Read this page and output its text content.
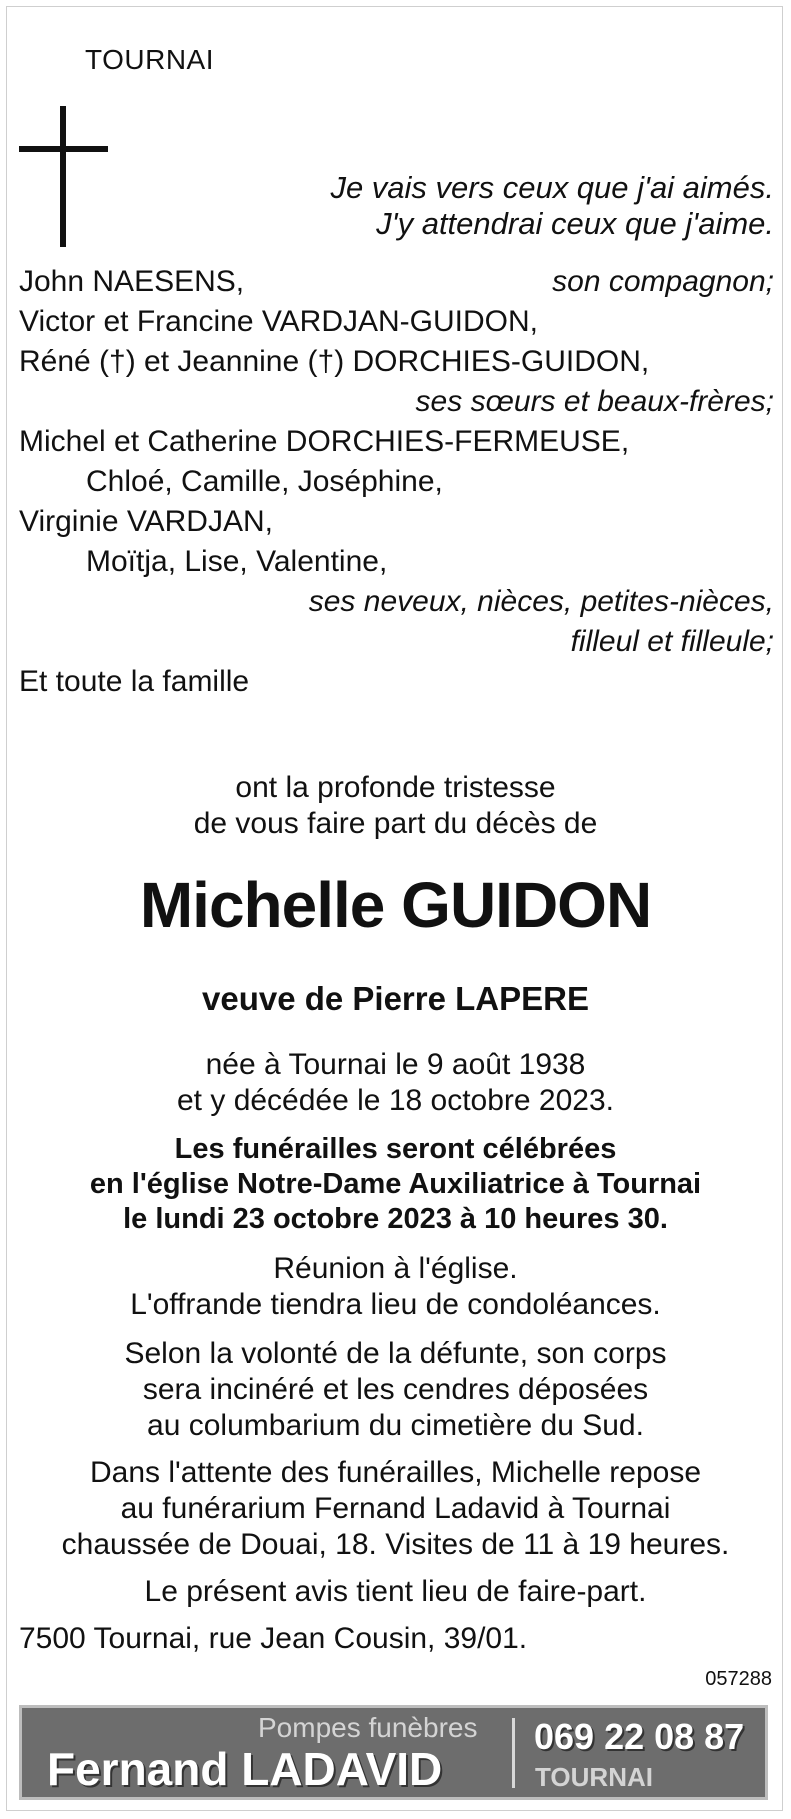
TOURNAI
Je vais vers ceux que j'ai aimés.
J'y attendrai ceux que j'aime.
John NAESENS,	son compagnon;
Victor et Francine VARDJAN-GUIDON,
Réné (†) et Jeannine (†) DORCHIES-GUIDON,
ses sœurs et beaux-frères;
Michel et Catherine DORCHIES-FERMEUSE,
Chloé, Camille, Joséphine,
Virginie VARDJAN,
Moïtja, Lise, Valentine,
ses neveux, nièces, petites-nièces,
filleul et filleule;
Et toute la famille
ont la profonde tristesse
de vous faire part du décès de
Michelle GUIDON
veuve de Pierre LAPERE
née à Tournai le 9 août 1938
et y décédée le 18 octobre 2023.
Les funérailles seront célébrées
en l'église Notre-Dame Auxiliatrice à Tournai
le lundi 23 octobre 2023 à 10 heures 30.
Réunion à l'église.
L'offrande tiendra lieu de condoléances.
Selon la volonté de la défunte, son corps
sera incinéré et les cendres déposées
au columbarium du cimetière du Sud.
Dans l'attente des funérailles, Michelle repose
au funérarium Fernand Ladavid à Tournai
chaussée de Douai, 18. Visites de 11 à 19 heures.
Le présent avis tient lieu de faire-part.
7500 Tournai, rue Jean Cousin, 39/01.
057288
Pompes funèbres
Fernand LADAVID
069 22 08 87
TOURNAI
